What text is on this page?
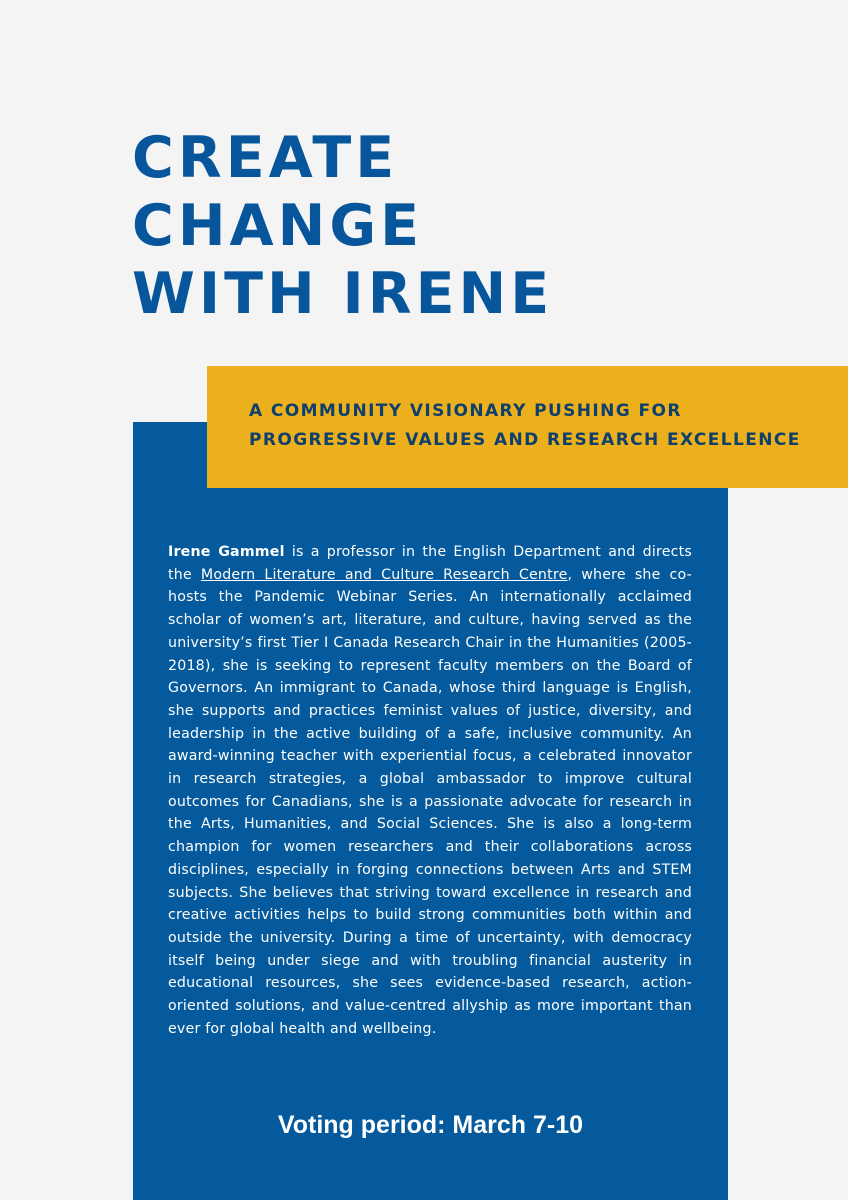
CREATE
CHANGE
WITH IRENE

A COMMUNITY VISIONARY PUSHING FOR
PROGRESSIVE VALUES AND RESEARCH EXCELLENCE

Irene Gammel is a professor in the English Department and directs the Modern Literature and Culture Research Centre, where she co-hosts the Pandemic Webinar Series. An internationally acclaimed scholar of women’s art, literature, and culture, having served as the university’s first Tier I Canada Research Chair in the Humanities (2005-2018), she is seeking to represent faculty members on the Board of Governors. An immigrant to Canada, whose third language is English, she supports and practices feminist values of justice, diversity, and leadership in the active building of a safe, inclusive community. An award-winning teacher with experiential focus, a celebrated innovator in research strategies, a global ambassador to improve cultural outcomes for Canadians, she is a passionate advocate for research in the Arts, Humanities, and Social Sciences. She is also a long-term champion for women researchers and their collaborations across disciplines, especially in forging connections between Arts and STEM subjects. She believes that striving toward excellence in research and creative activities helps to build strong communities both within and outside the university. During a time of uncertainty, with democracy itself being under siege and with troubling financial austerity in educational resources, she sees evidence-based research, action-oriented solutions, and value-centred allyship as more important than ever for global health and wellbeing.

Voting period: March 7-10
